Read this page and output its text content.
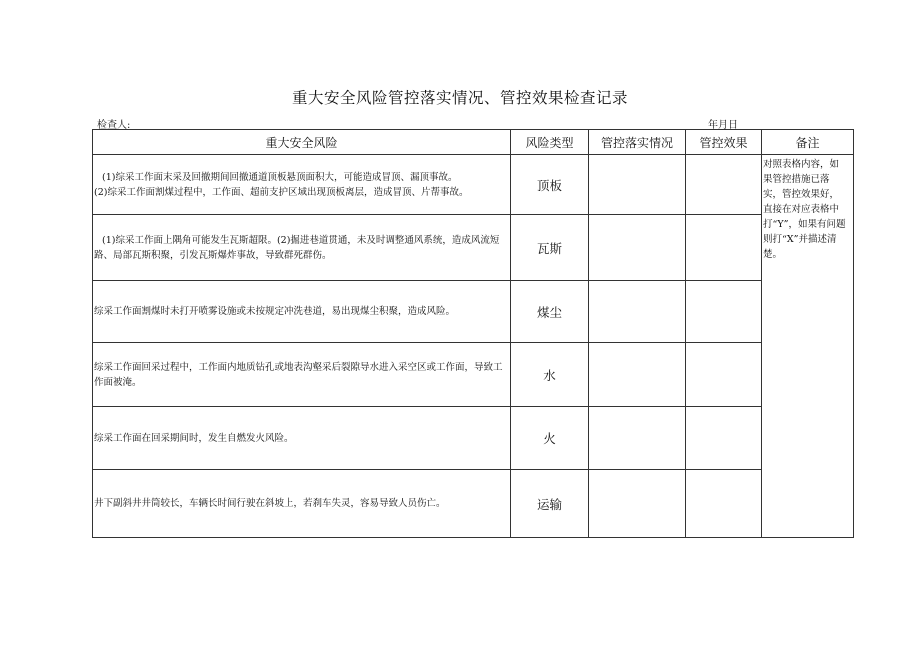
重大安全风险管控落实情况、管控效果检查记录
检查人:	年月日
重大安全风险	风险类型	管控落实情况	管控效果	备注

(1)综采工作面末采及回撤期间回撤通道顶板悬顶面积大，可能造成冒顶、漏顶事故。
(2)综采工作面割煤过程中，工作面、超前支护区域出现顶板离层，造成冒顶、片帮事故。	顶板			对照表格内容，如果管控措施已落实，管控效果好，直接在对应表格中打“Y”，如果有问题则打“X”并描述清楚。

(1)综采工作面上隅角可能发生瓦斯超限。(2)掘进巷道贯通，未及时调整通风系统，造成风流短路、局部瓦斯积聚，引发瓦斯爆炸事故，导致群死群伤。	瓦斯			

综采工作面割煤时未打开喷雾设施或未按规定冲洗巷道，易出现煤尘积聚，造成风险。	煤尘			

综采工作面回采过程中，工作面内地质钻孔或地表沟壑采后裂隙导水进入采空区或工作面，导致工作面被淹。	水			

综采工作面在回采期间时，发生自燃发火风险。	火			

井下副斜井井筒较长，车辆长时间行驶在斜坡上，若刹车失灵，容易导致人员伤亡。	运输			
